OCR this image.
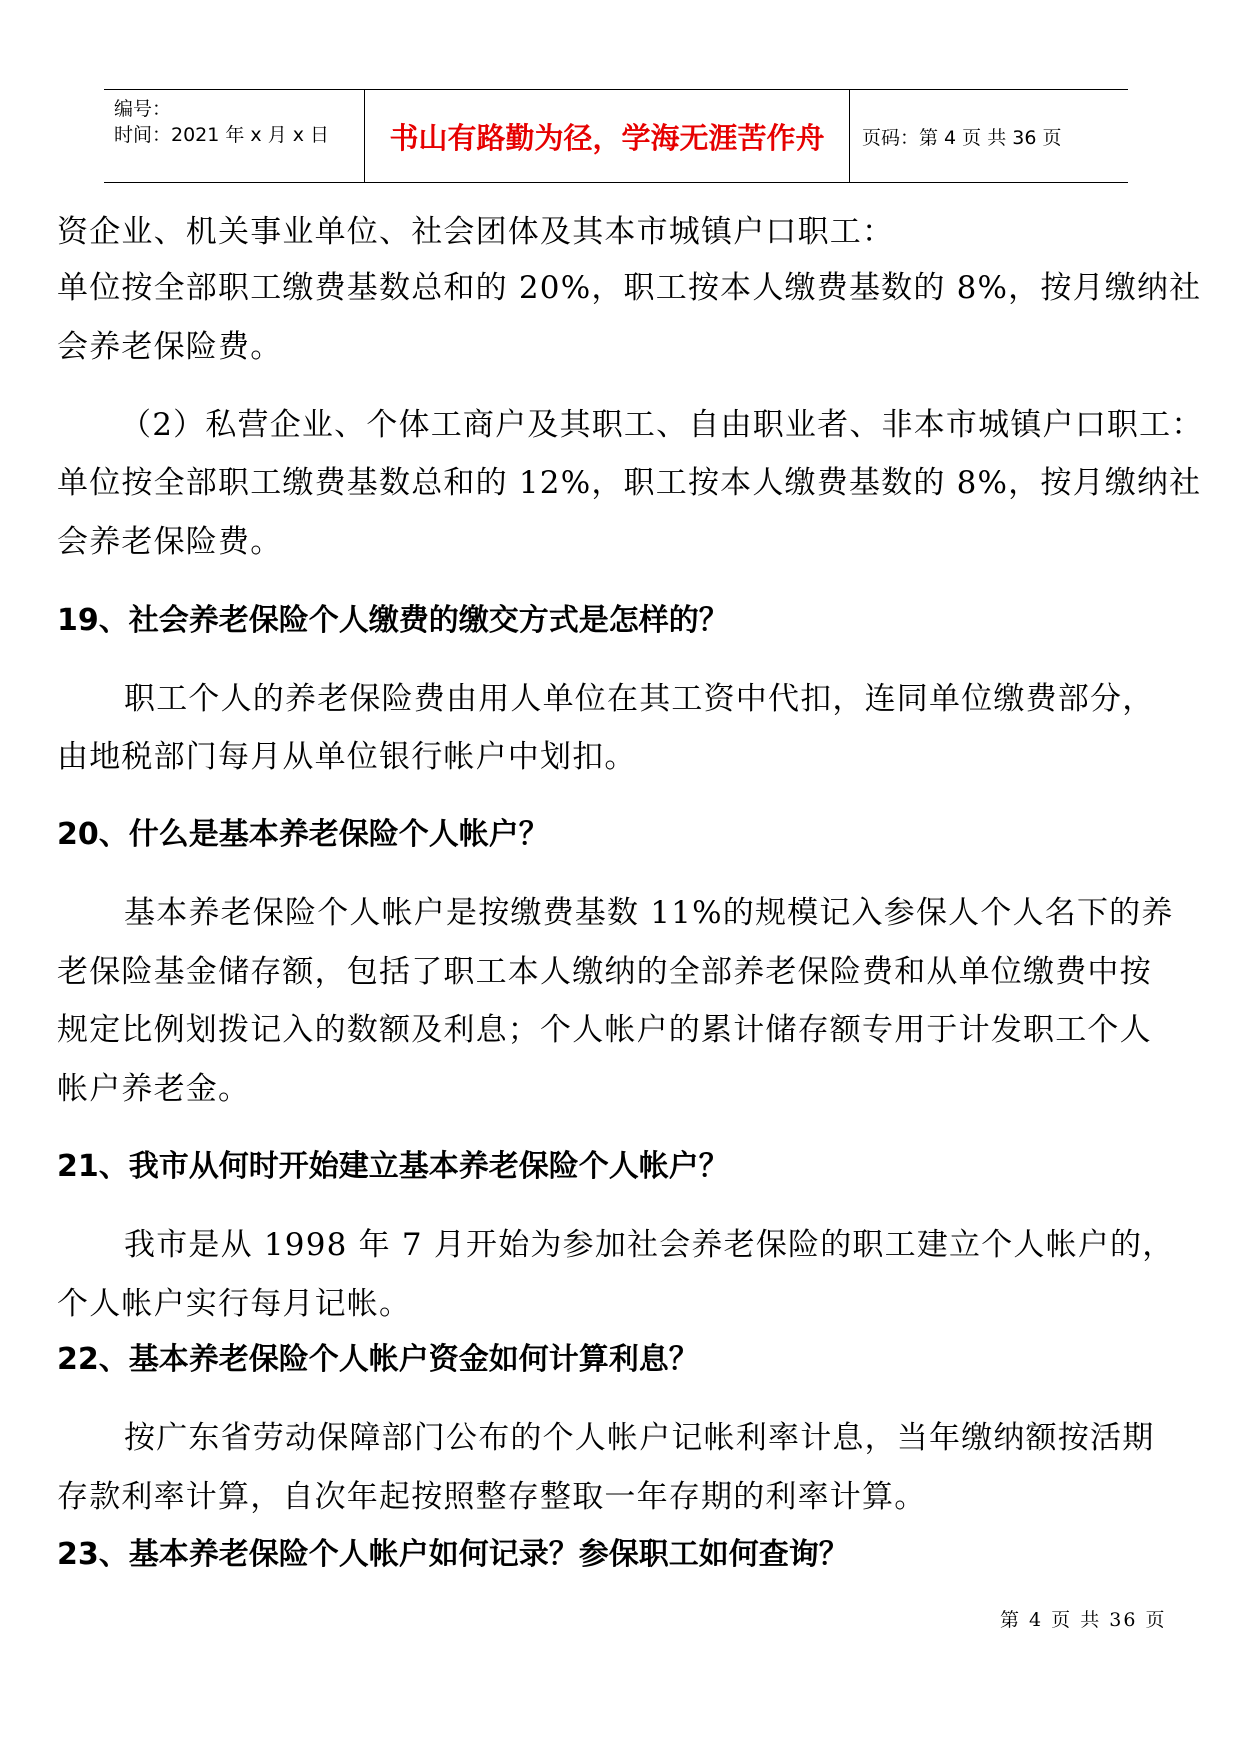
编号：
时间：2021 年 x 月 x 日	书山有路勤为径，学海无涯苦作舟	页码：第 4 页 共 36 页
资企业、机关事业单位、社会团体及其本市城镇户口职工：
单位按全部职工缴费基数总和的 20%，职工按本人缴费基数的 8%，按月缴纳社
会养老保险费。
（2）私营企业、个体工商户及其职工、自由职业者、非本市城镇户口职工：
单位按全部职工缴费基数总和的 12%，职工按本人缴费基数的 8%，按月缴纳社
会养老保险费。
19、社会养老保险个人缴费的缴交方式是怎样的？
职工个人的养老保险费由用人单位在其工资中代扣，连同单位缴费部分，
由地税部门每月从单位银行帐户中划扣。
20、什么是基本养老保险个人帐户？
基本养老保险个人帐户是按缴费基数 11%的规模记入参保人个人名下的养
老保险基金储存额，包括了职工本人缴纳的全部养老保险费和从单位缴费中按
规定比例划拨记入的数额及利息；个人帐户的累计储存额专用于计发职工个人
帐户养老金。
21、我市从何时开始建立基本养老保险个人帐户？
我市是从 1998 年 7 月开始为参加社会养老保险的职工建立个人帐户的，
个人帐户实行每月记帐。
22、基本养老保险个人帐户资金如何计算利息？
按广东省劳动保障部门公布的个人帐户记帐利率计息，当年缴纳额按活期
存款利率计算，自次年起按照整存整取一年存期的利率计算。
23、基本养老保险个人帐户如何记录？参保职工如何查询？
第 4 页 共 36 页
